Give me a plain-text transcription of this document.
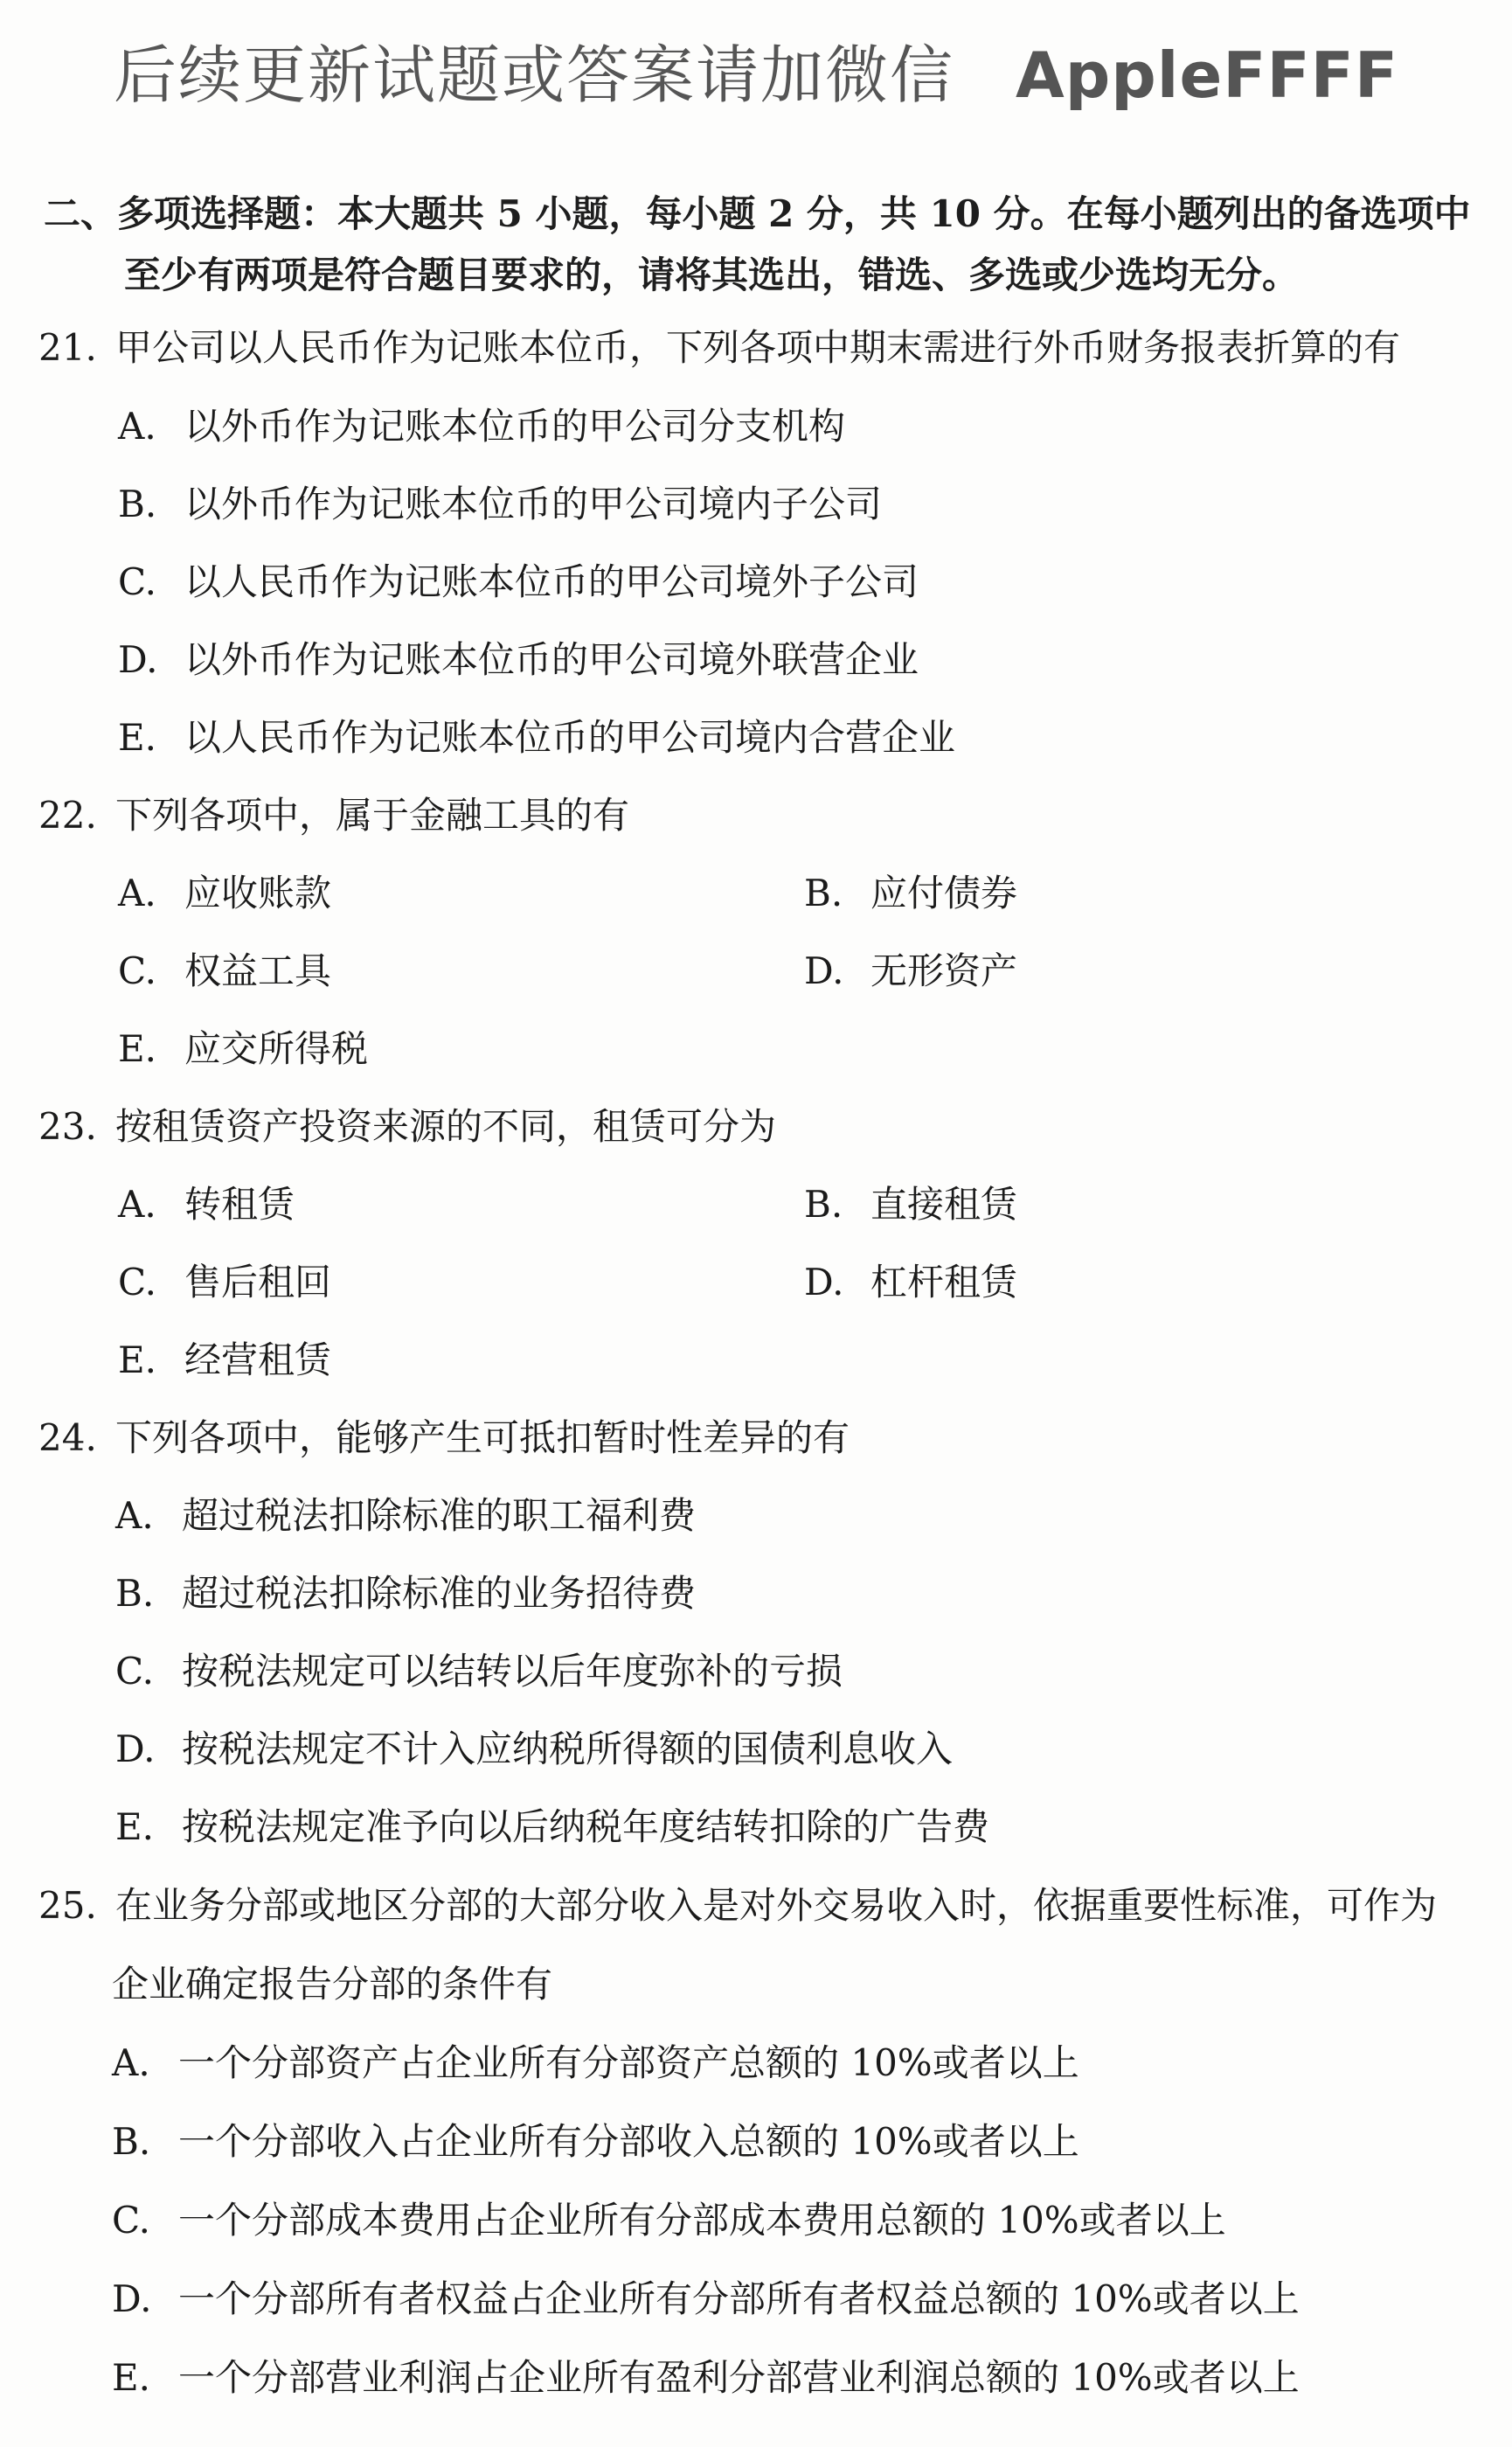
后续更新试题或答案请加微信 AppleFFFF
二、多项选择题：本大题共 5 小题，每小题 2 分，共 10 分。在每小题列出的备选项中
至少有两项是符合题目要求的，请将其选出，错选、多选或少选均无分。
21. 甲公司以人民币作为记账本位币，下列各项中期末需进行外币财务报表折算的有
A. 以外币作为记账本位币的甲公司分支机构
B. 以外币作为记账本位币的甲公司境内子公司
C. 以人民币作为记账本位币的甲公司境外子公司
D. 以外币作为记账本位币的甲公司境外联营企业
E. 以人民币作为记账本位币的甲公司境内合营企业
22. 下列各项中，属于金融工具的有
A. 应收账款	B. 应付债券
C. 权益工具	D. 无形资产
E. 应交所得税
23. 按租赁资产投资来源的不同，租赁可分为
A. 转租赁	B. 直接租赁
C. 售后租回	D. 杠杆租赁
E. 经营租赁
24. 下列各项中，能够产生可抵扣暂时性差异的有
A. 超过税法扣除标准的职工福利费
B. 超过税法扣除标准的业务招待费
C. 按税法规定可以结转以后年度弥补的亏损
D. 按税法规定不计入应纳税所得额的国债利息收入
E. 按税法规定准予向以后纳税年度结转扣除的广告费
25. 在业务分部或地区分部的大部分收入是对外交易收入时，依据重要性标准，可作为
企业确定报告分部的条件有
A. 一个分部资产占企业所有分部资产总额的 10%或者以上
B. 一个分部收入占企业所有分部收入总额的 10%或者以上
C. 一个分部成本费用占企业所有分部成本费用总额的 10%或者以上
D. 一个分部所有者权益占企业所有分部所有者权益总额的 10%或者以上
E. 一个分部营业利润占企业所有盈利分部营业利润总额的 10%或者以上
